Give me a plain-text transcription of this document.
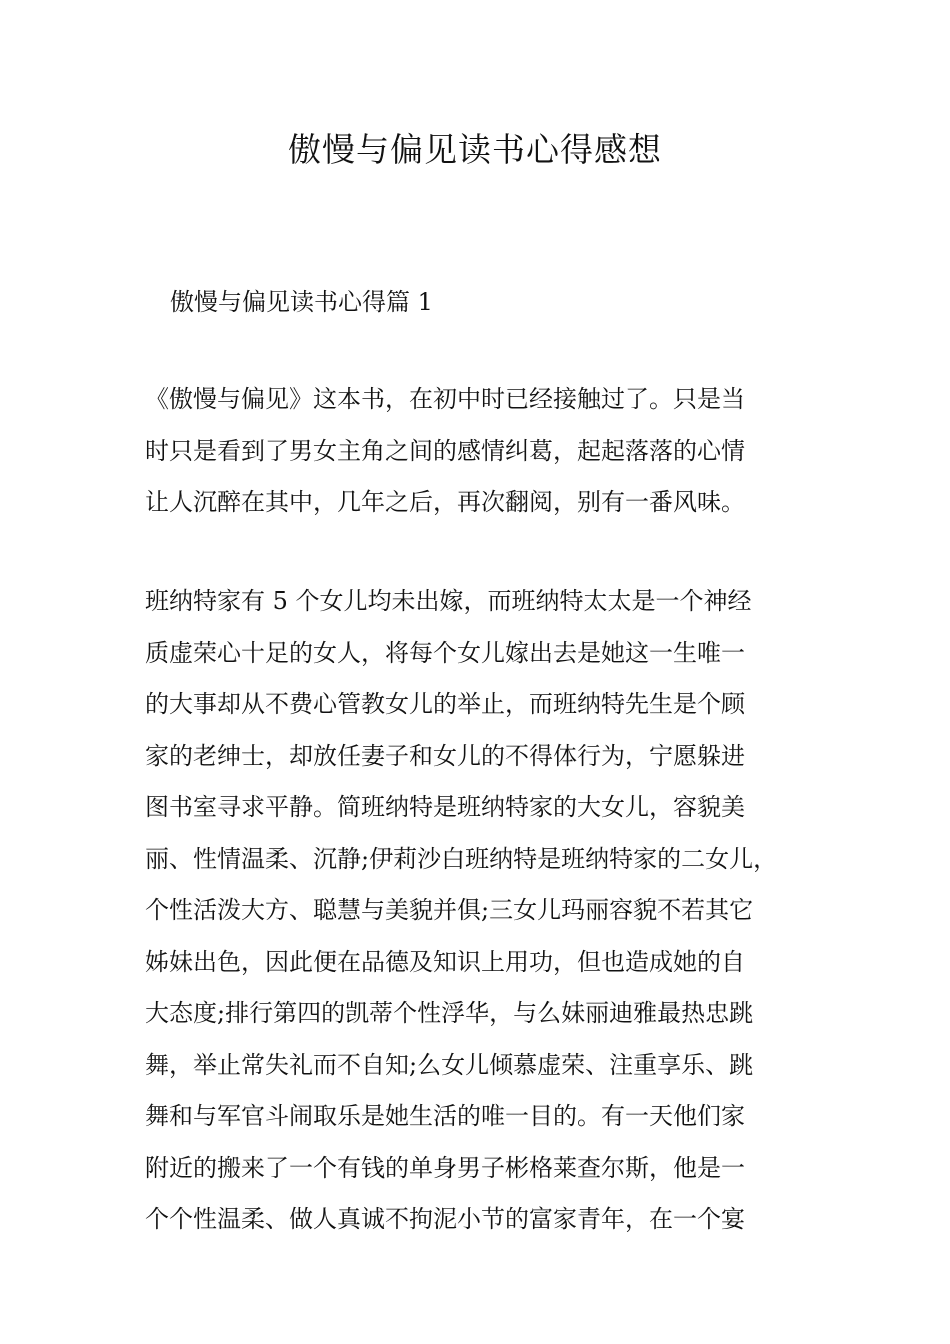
傲慢与偏见读书心得感想
傲慢与偏见读书心得篇 1
《傲慢与偏见》这本书，在初中时已经接触过了。只是当
时只是看到了男女主角之间的感情纠葛，起起落落的心情
让人沉醉在其中，几年之后，再次翻阅，别有一番风味。
班纳特家有 5 个女儿均未出嫁，而班纳特太太是一个神经
质虚荣心十足的女人，将每个女儿嫁出去是她这一生唯一
的大事却从不费心管教女儿的举止，而班纳特先生是个顾
家的老绅士，却放任妻子和女儿的不得体行为，宁愿躲进
图书室寻求平静。简班纳特是班纳特家的大女儿，容貌美
丽、性情温柔、沉静;伊莉沙白班纳特是班纳特家的二女儿，
个性活泼大方、聪慧与美貌并俱;三女儿玛丽容貌不若其它
姊妹出色，因此便在品德及知识上用功，但也造成她的自
大态度;排行第四的凯蒂个性浮华，与么妹丽迪雅最热忠跳
舞，举止常失礼而不自知;么女儿倾慕虚荣、注重享乐、跳
舞和与军官斗闹取乐是她生活的唯一目的。有一天他们家
附近的搬来了一个有钱的单身男子彬格莱查尔斯，他是一
个个性温柔、做人真诚不拘泥小节的富家青年，在一个宴
